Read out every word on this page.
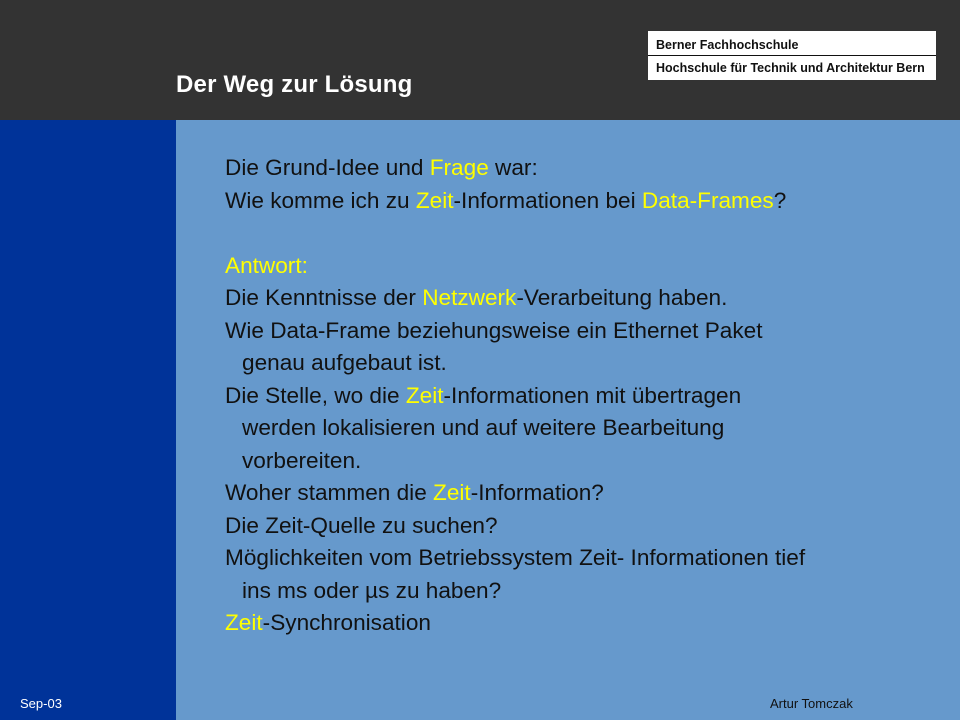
Der Weg zur Lösung
Berner Fachhochschule
Hochschule für Technik und Architektur Bern
Die Grund-Idee und Frage war:
Wie komme ich zu Zeit-Informationen bei Data-Frames?
Antwort:
Die Kenntnisse der Netzwerk-Verarbeitung haben.
Wie Data-Frame beziehungsweise ein Ethernet Paket
genau aufgebaut ist.
Die Stelle, wo die Zeit-Informationen mit übertragen
werden lokalisieren und auf weitere Bearbeitung
vorbereiten.
Woher stammen die Zeit-Information?
Die Zeit-Quelle zu suchen?
Möglichkeiten vom Betriebssystem Zeit- Informationen tief
ins ms oder µs zu haben?
Zeit-Synchronisation
Sep-03	Artur Tomczak
